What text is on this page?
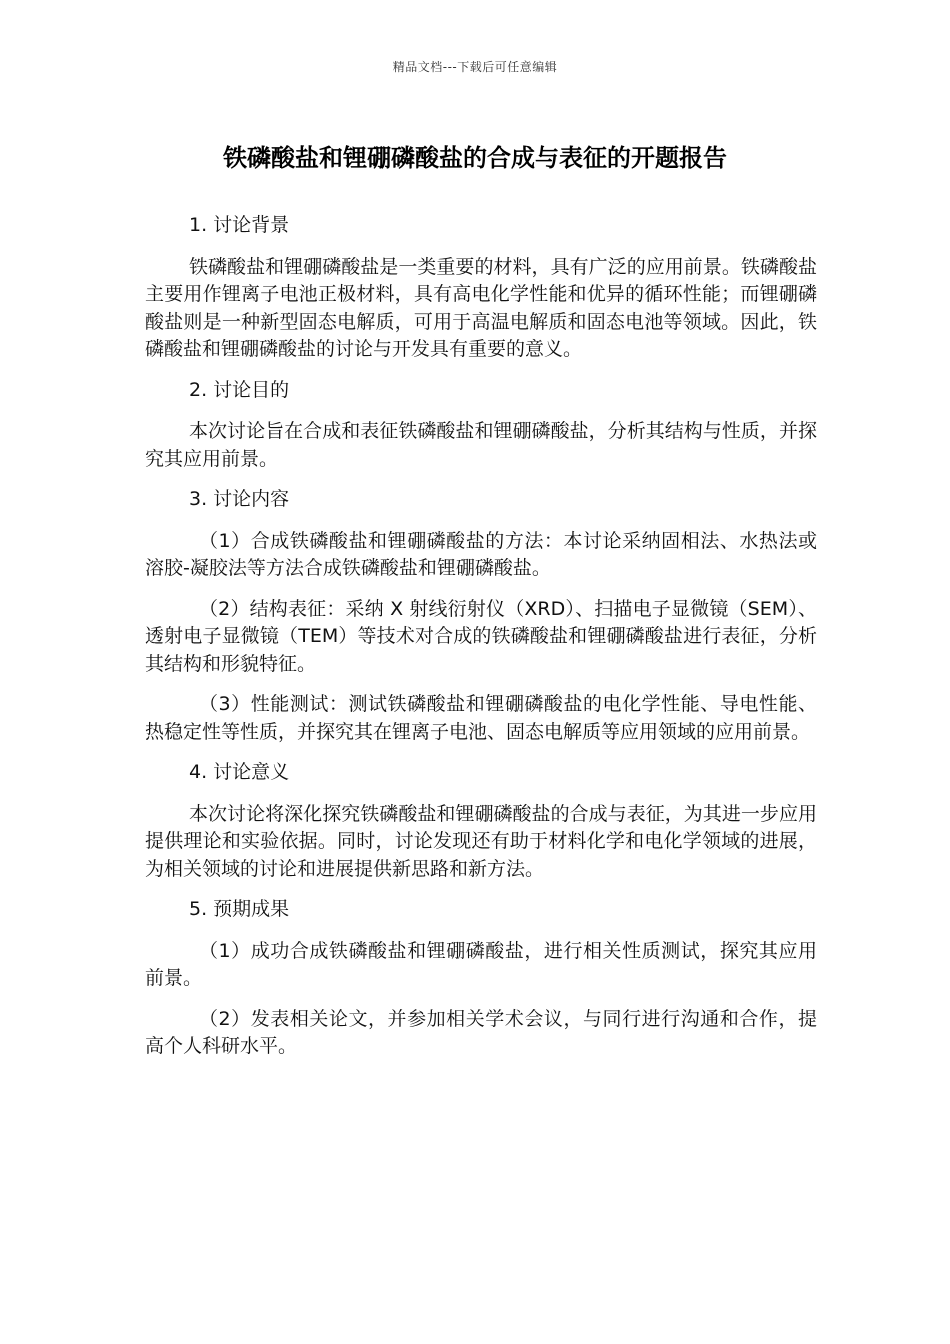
精品文档---下载后可任意编辑
铁磷酸盐和锂硼磷酸盐的合成与表征的开题报告
1. 讨论背景

铁磷酸盐和锂硼磷酸盐是一类重要的材料，具有广泛的应用前景。铁磷酸盐主要用作锂离子电池正极材料，具有高电化学性能和优异的循环性能；而锂硼磷酸盐则是一种新型固态电解质，可用于高温电解质和固态电池等领域。因此，铁磷酸盐和锂硼磷酸盐的讨论与开发具有重要的意义。

2. 讨论目的

本次讨论旨在合成和表征铁磷酸盐和锂硼磷酸盐，分析其结构与性质，并探究其应用前景。

3. 讨论内容

（1）合成铁磷酸盐和锂硼磷酸盐的方法：本讨论采纳固相法、水热法或溶胶-凝胶法等方法合成铁磷酸盐和锂硼磷酸盐。

（2）结构表征：采纳 X 射线衍射仪（XRD）、扫描电子显微镜（SEM）、透射电子显微镜（TEM）等技术对合成的铁磷酸盐和锂硼磷酸盐进行表征，分析其结构和形貌特征。

（3）性能测试：测试铁磷酸盐和锂硼磷酸盐的电化学性能、导电性能、热稳定性等性质，并探究其在锂离子电池、固态电解质等应用领域的应用前景。

4. 讨论意义

本次讨论将深化探究铁磷酸盐和锂硼磷酸盐的合成与表征，为其进一步应用提供理论和实验依据。同时，讨论发现还有助于材料化学和电化学领域的进展，为相关领域的讨论和进展提供新思路和新方法。

5. 预期成果

（1）成功合成铁磷酸盐和锂硼磷酸盐，进行相关性质测试，探究其应用前景。

（2）发表相关论文，并参加相关学术会议，与同行进行沟通和合作，提高个人科研水平。
